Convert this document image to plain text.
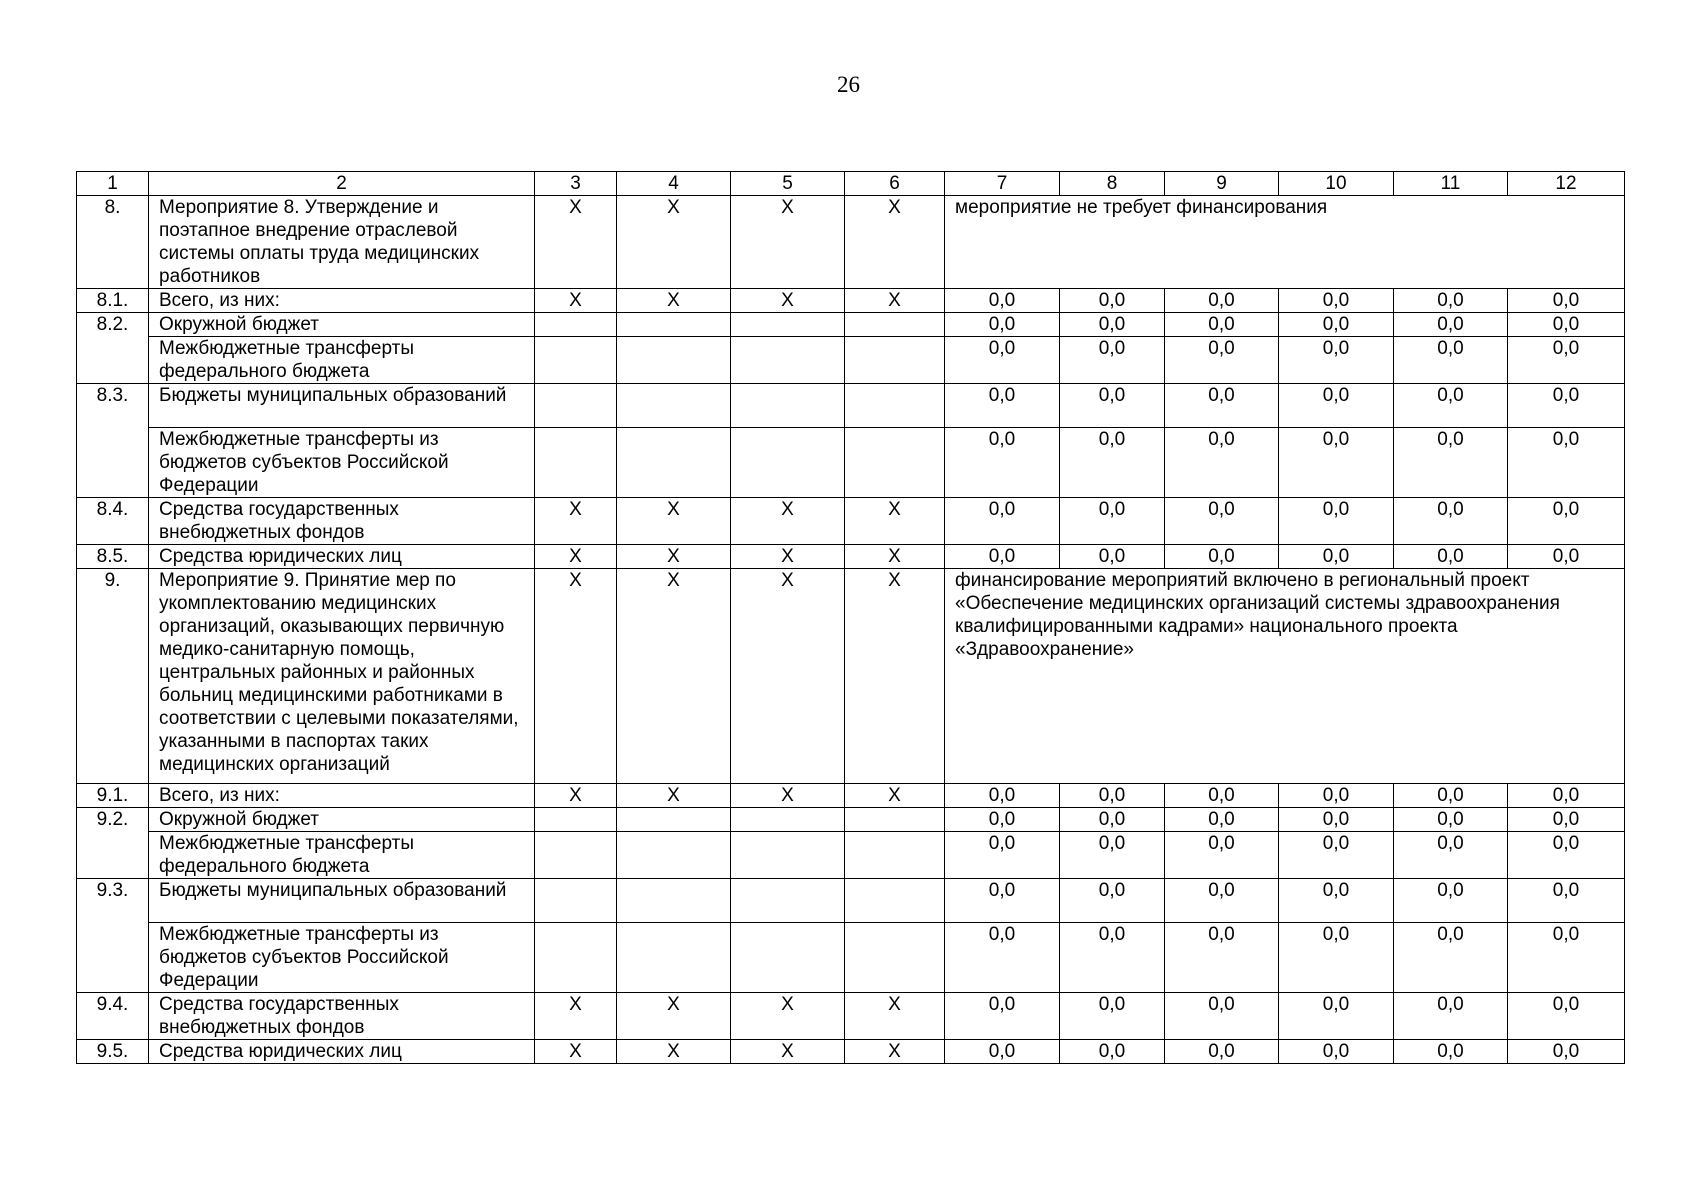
26
1	2	3	4	5	6	7	8	9	10	11	12
8.	Мероприятие 8. Утверждение и поэтапное внедрение отраслевой системы оплаты труда медицинских работников	X	X	X	X	мероприятие не требует финансирования					
8.1.	Всего, из них:	X	X	X	X	0,0	0,0	0,0	0,0	0,0	0,0
8.2.	Окружной бюджет					0,0	0,0	0,0	0,0	0,0	0,0
	Межбюджетные трансферты федерального бюджета					0,0	0,0	0,0	0,0	0,0	0,0
8.3.	Бюджеты муниципальных образований					0,0	0,0	0,0	0,0	0,0	0,0
	Межбюджетные трансферты из бюджетов субъектов Российской Федерации					0,0	0,0	0,0	0,0	0,0	0,0
8.4.	Средства государственных внебюджетных фондов	X	X	X	X	0,0	0,0	0,0	0,0	0,0	0,0
8.5.	Средства юридических лиц	X	X	X	X	0,0	0,0	0,0	0,0	0,0	0,0
9.	Мероприятие 9. Принятие мер по укомплектованию медицинских организаций, оказывающих первичную медико-санитарную помощь, центральных районных и районных больниц медицинскими работниками в соответствии с целевыми показателями, указанными в паспортах таких медицинских организаций	X	X	X	X	финансирование мероприятий включено в региональный проект «Обеспечение медицинских организаций системы здравоохранения квалифицированными кадрами» национального проекта «Здравоохранение»					
9.1.	Всего, из них:	X	X	X	X	0,0	0,0	0,0	0,0	0,0	0,0
9.2.	Окружной бюджет					0,0	0,0	0,0	0,0	0,0	0,0
	Межбюджетные трансферты федерального бюджета					0,0	0,0	0,0	0,0	0,0	0,0
9.3.	Бюджеты муниципальных образований					0,0	0,0	0,0	0,0	0,0	0,0
	Межбюджетные трансферты из бюджетов субъектов Российской Федерации					0,0	0,0	0,0	0,0	0,0	0,0
9.4.	Средства государственных внебюджетных фондов	X	X	X	X	0,0	0,0	0,0	0,0	0,0	0,0
9.5.	Средства юридических лиц	X	X	X	X	0,0	0,0	0,0	0,0	0,0	0,0
